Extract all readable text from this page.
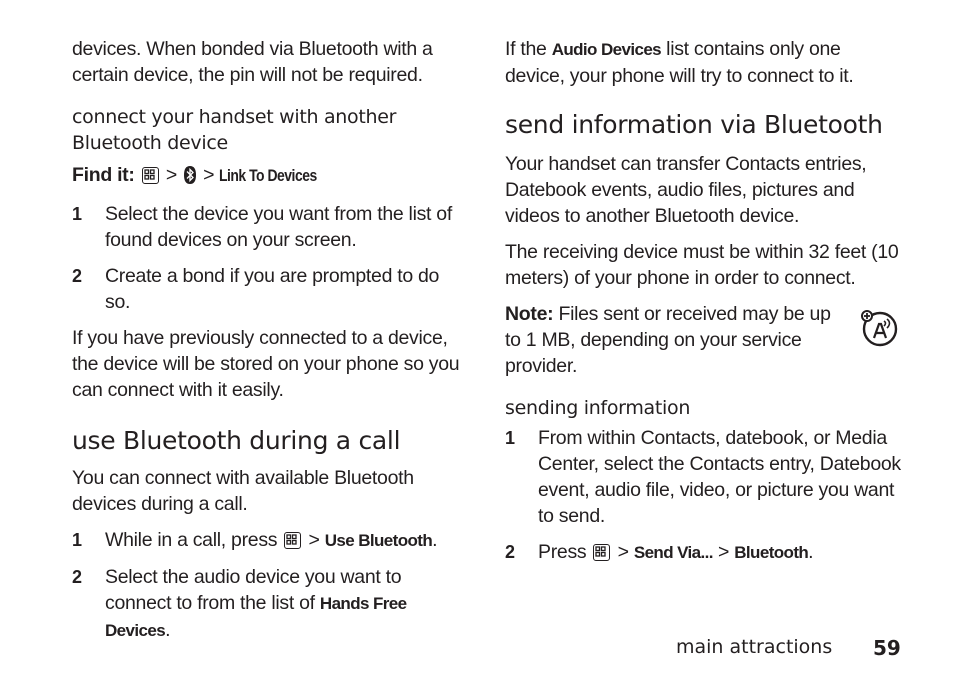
devices. When bonded via Bluetooth with a certain device, the pin will not be required.

connect your handset with another Bluetooth device

Find it: > > Link To Devices

1	Select the device you want from the list of found devices on your screen.

2	Create a bond if you are prompted to do so.

If you have previously connected to a device, the device will be stored on your phone so you can connect with it easily.

use Bluetooth during a call

You can connect with available Bluetooth devices during a call.

1	While in a call, press > Use Bluetooth.

2	Select the audio device you want to connect to from the list of Hands Free Devices.

If the Audio Devices list contains only one device, your phone will try to connect to it.

send information via Bluetooth

Your handset can transfer Contacts entries, Datebook events, audio files, pictures and videos to another Bluetooth device.

The receiving device must be within 32 feet (10 meters) of your phone in order to connect.

Note: Files sent or received may be up to 1 MB, depending on your service provider.

sending information

1	From within Contacts, datebook, or Media Center, select the Contacts entry, Datebook event, audio file, video, or picture you want to send.

2	Press > Send Via... > Bluetooth.

main attractions 59
